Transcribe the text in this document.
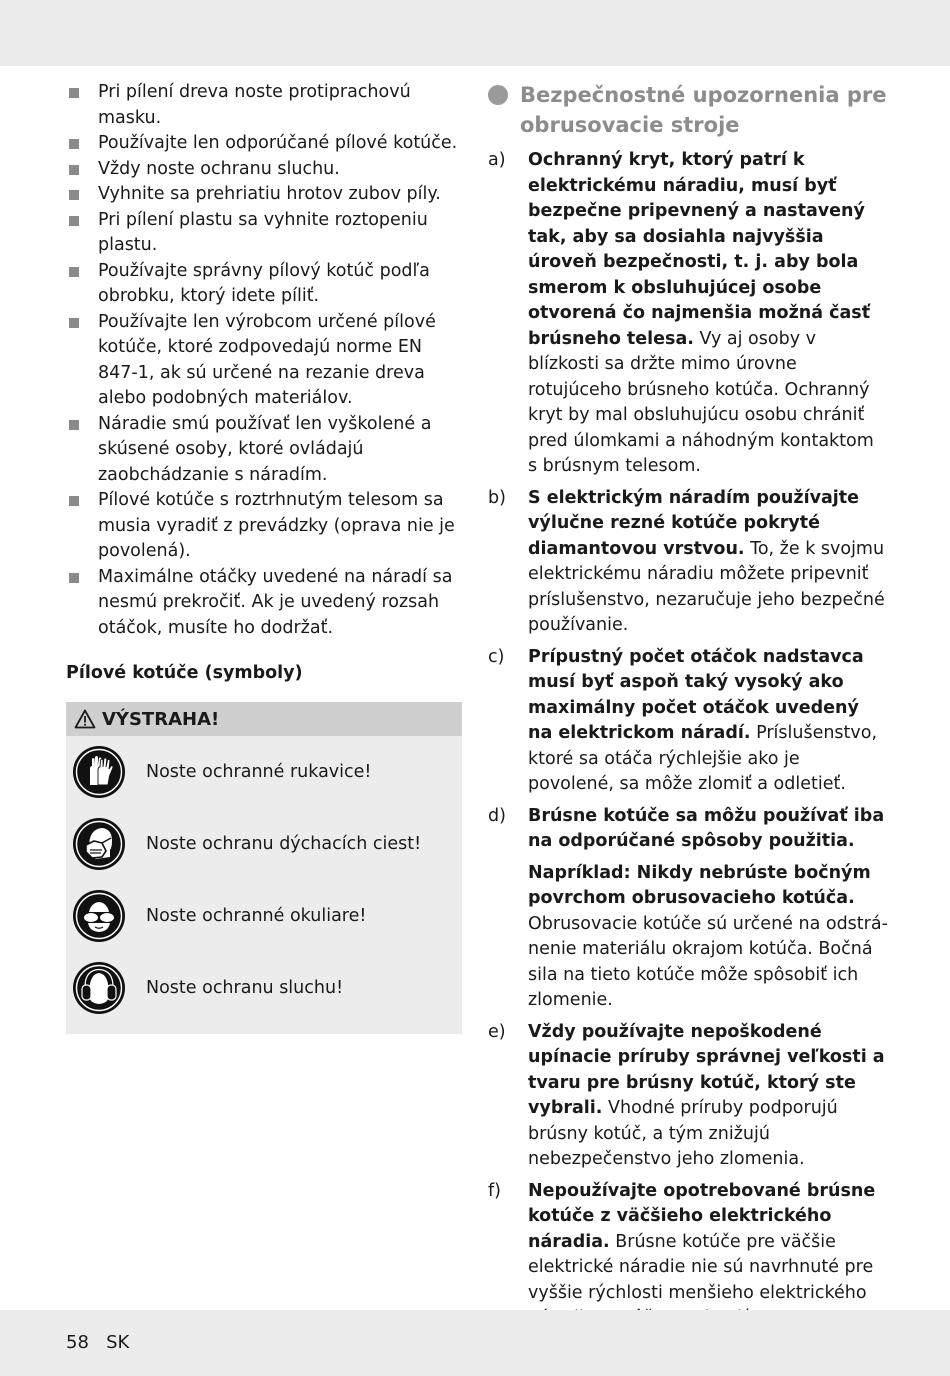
Pri pílení dreva noste protiprachovú masku.
Používajte len odporúčané pílové kotúče.
Vždy noste ochranu sluchu.
Vyhnite sa prehriatiu hrotov zubov píly.
Pri pílení plastu sa vyhnite roztopeniu plastu.
Používajte správny pílový kotúč podľa obrobku, ktorý idete píliť.
Používajte len výrobcom určené pílové kotúče, ktoré zodpovedajú norme EN 847-1, ak sú určené na rezanie dreva alebo podobných materiálov.
Náradie smú používať len vyškolené a skúsené osoby, ktoré ovládajú zaobchádzanie s náradím.
Pílové kotúče s roztrhnutým telesom sa musia vyradiť z prevádzky (oprava nie je povolená).
Maximálne otáčky uvedené na náradí sa nesmú prekročiť. Ak je uvedený rozsah otáčok, musíte ho dodržať.
Pílové kotúče (symboly)
VÝSTRAHA!
Noste ochranné rukavice!
Noste ochranu dýchacích ciest!
Noste ochranné okuliare!
Noste ochranu sluchu!
Bezpečnostné upozornenia pre obrusovacie stroje
a)	Ochranný kryt, ktorý patrí k elektrickému náradiu, musí byť bezpečne pripevnený a nastavený tak, aby sa dosiahla najvyššia úroveň bezpečnosti, t. j. aby bola smerom k obsluhujúcej osobe otvorená čo najmenšia možná časť brúsneho telesa. Vy aj osoby v blízkosti sa držte mimo úrovne rotujúceho brúsneho kotúča. Ochranný kryt by mal obsluhujúcu osobu chrániť pred úlomkami a náhodným kontaktom s brúsnym telesom.
b)	S elektrickým náradím používajte výlučne rezné kotúče pokryté diamantovou vrstvou. To, že k svojmu elektrickému náradiu môžete pripevniť príslušenstvo, nezaručuje jeho bezpečné používanie.
c)	Prípustný počet otáčok nadstavca musí byť aspoň taký vysoký ako maximálny počet otáčok uvedený na elektrickom náradí. Príslušenstvo, ktoré sa otáča rýchlejšie ako je povolené, sa môže zlomiť a odletieť.
d)	Brúsne kotúče sa môžu používať iba na odporúčané spôsoby použitia.
Napríklad: Nikdy nebrúste bočným povrchom obrusovacieho kotúča. Obrusovacie kotúče sú určené na odstránenie materiálu okrajom kotúča. Bočná sila na tieto kotúče môže spôsobiť ich zlomenie.
e)	Vždy používajte nepoškodené upínacie príruby správnej veľkosti a tvaru pre brúsny kotúč, ktorý ste vybrali. Vhodné príruby podporujú brúsny kotúč, a tým znižujú nebezpečenstvo jeho zlomenia.
f)	Nepoužívajte opotrebované brúsne kotúče z väčšieho elektrického náradia. Brúsne kotúče pre väčšie elektrické náradie nie sú navrhnuté pre vyššie rýchlosti menšieho elektrického
58 SK
